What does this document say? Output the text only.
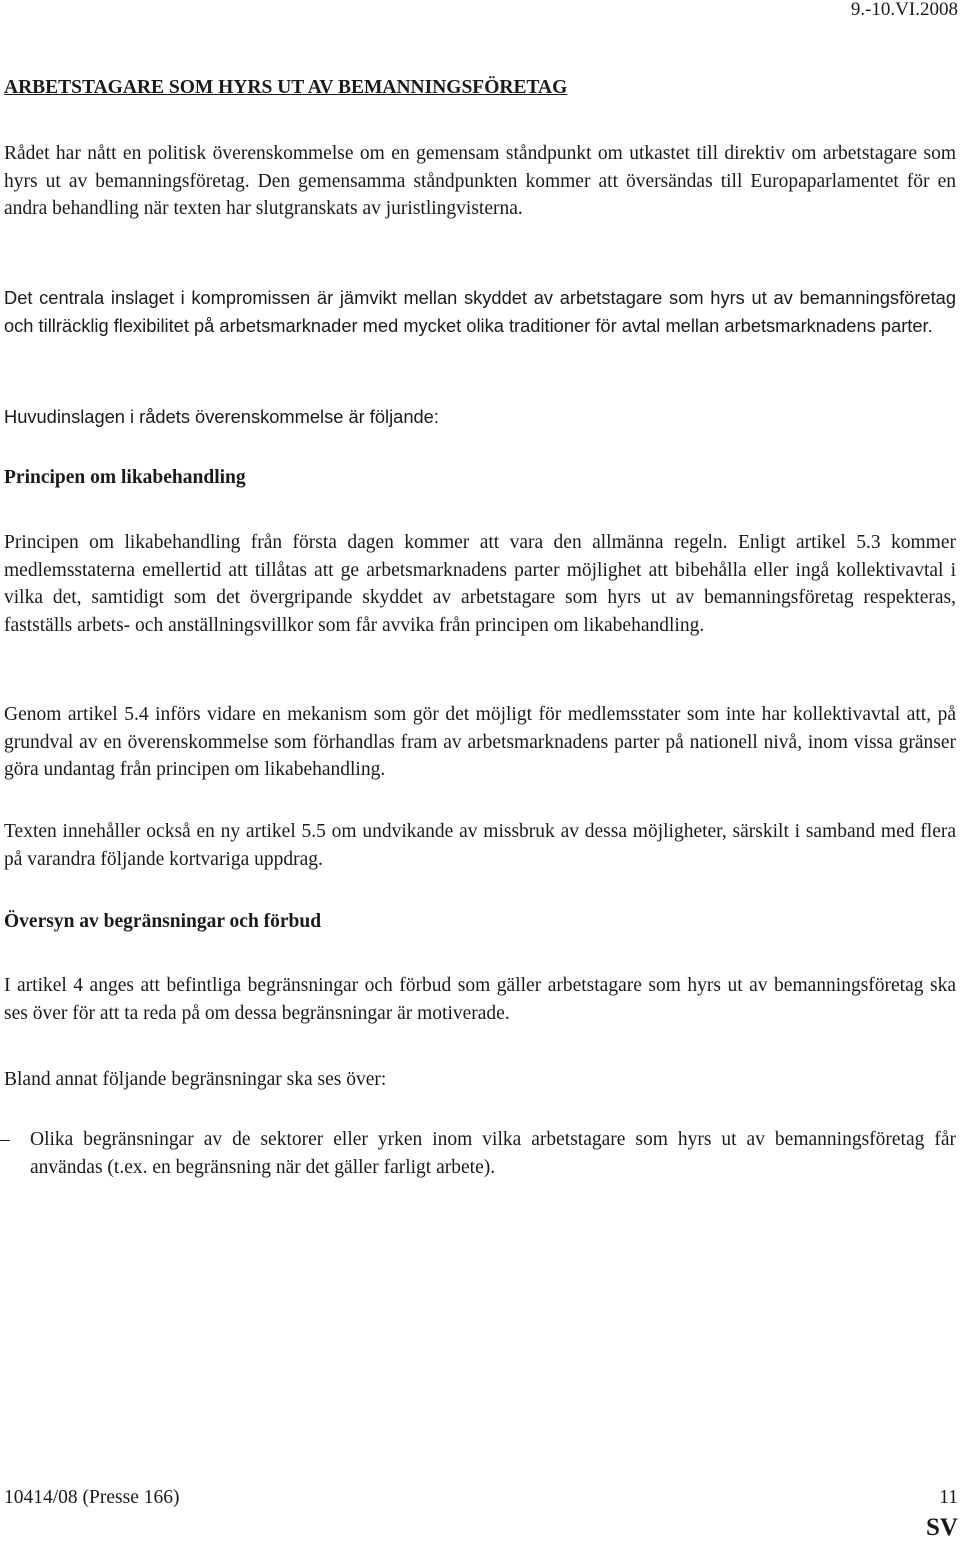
9.-10.VI.2008
ARBETSTAGARE SOM HYRS UT AV BEMANNINGSFÖRETAG

Rådet har nått en politisk överenskommelse om en gemensam ståndpunkt om utkastet till direktiv om arbetstagare som hyrs ut av bemanningsföretag. Den gemensamma ståndpunkten kommer att översändas till Europaparlamentet för en andra behandling när texten har slutgranskats av juristlingvisterna.

Det centrala inslaget i kompromissen är jämvikt mellan skyddet av arbetstagare som hyrs ut av bemanningsföretag och tillräcklig flexibilitet på arbetsmarknader med mycket olika traditioner för avtal mellan arbetsmarknadens parter.

Huvudinslagen i rådets överenskommelse är följande:

Principen om likabehandling

Principen om likabehandling från första dagen kommer att vara den allmänna regeln. Enligt artikel 5.3 kommer medlemsstaterna emellertid att tillåtas att ge arbetsmarknadens parter möjlighet att bibehålla eller ingå kollektivavtal i vilka det, samtidigt som det övergripande skyddet av arbetstagare som hyrs ut av bemanningsföretag respekteras, fastställs arbets- och anställningsvillkor som får avvika från principen om likabehandling.

Genom artikel 5.4 införs vidare en mekanism som gör det möjligt för medlemsstater som inte har kollektivavtal att, på grundval av en överenskommelse som förhandlas fram av arbetsmarknadens parter på nationell nivå, inom vissa gränser göra undantag från principen om likabehandling.

Texten innehåller också en ny artikel 5.5 om undvikande av missbruk av dessa möjligheter, särskilt i samband med flera på varandra följande kortvariga uppdrag.

Översyn av begränsningar och förbud

I artikel 4 anges att befintliga begränsningar och förbud som gäller arbetstagare som hyrs ut av bemanningsföretag ska ses över för att ta reda på om dessa begränsningar är motiverade.

Bland annat följande begränsningar ska ses över:

– Olika begränsningar av de sektorer eller yrken inom vilka arbetstagare som hyrs ut av bemanningsföretag får användas (t.ex. en begränsning när det gäller farligt arbete).

10414/08 (Presse 166)	11
SV
